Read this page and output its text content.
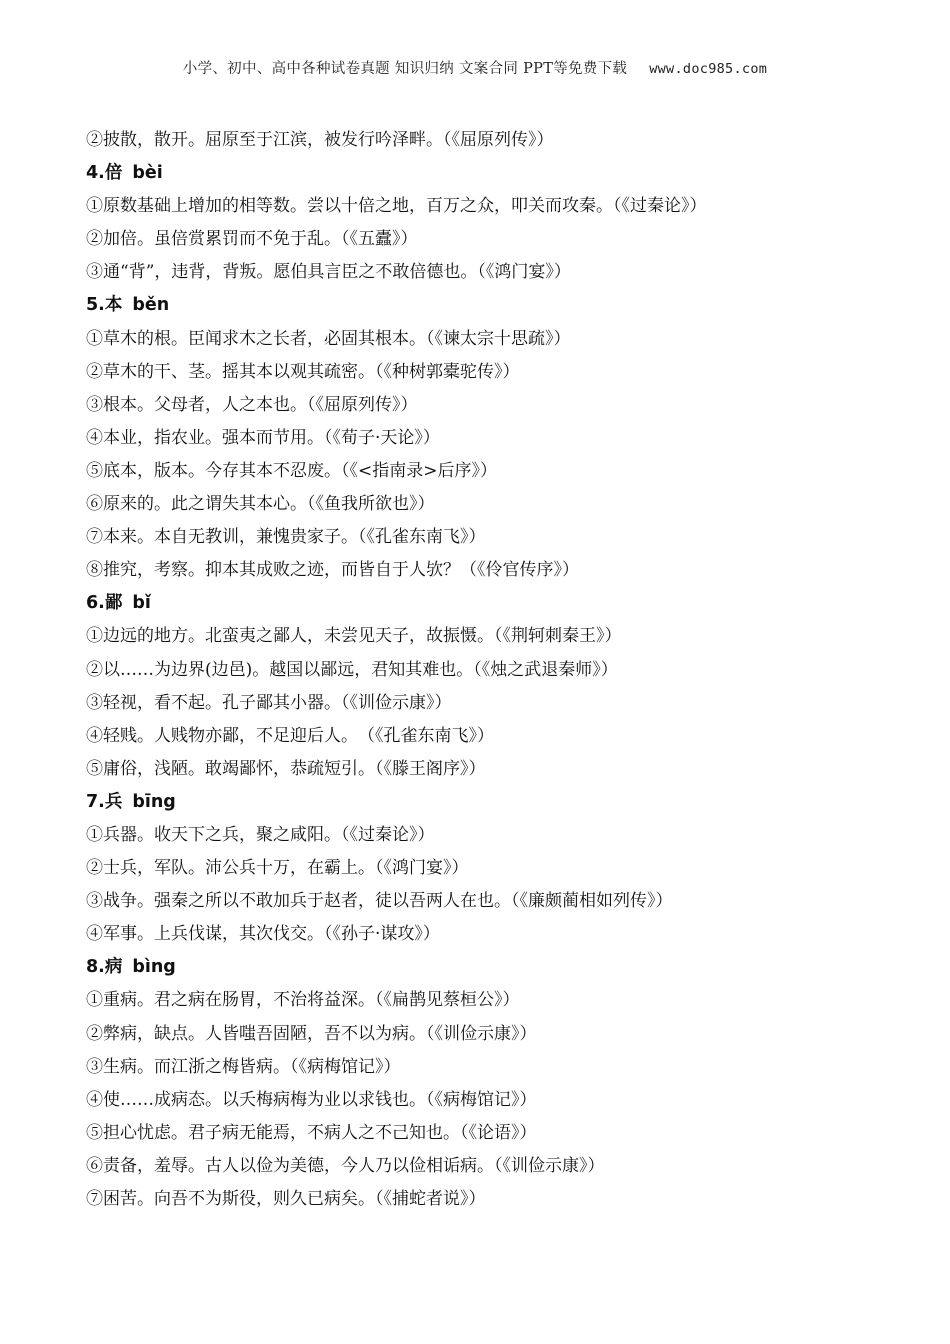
小学、初中、高中各种试卷真题 知识归纳 文案合同 PPT等免费下载 www.doc985.com
②披散，散开。屈原至于江滨，被发行吟泽畔。（《屈原列传》）
4.倍 bèi
①原数基础上增加的相等数。尝以十倍之地，百万之众，叩关而攻秦。（《过秦论》）
②加倍。虽倍赏累罚而不免于乱。（《五蠹》）
③通“背”，违背，背叛。愿伯具言臣之不敢倍德也。（《鸿门宴》）
5.本 běn
①草木的根。臣闻求木之长者，必固其根本。（《谏太宗十思疏》）
②草木的干、茎。摇其本以观其疏密。（《种树郭橐驼传》）
③根本。父母者，人之本也。（《屈原列传》）
④本业，指农业。强本而节用。（《荀子·天论》）
⑤底本，版本。今存其本不忍废。（《<指南录>后序》）
⑥原来的。此之谓失其本心。（《鱼我所欲也》）
⑦本来。本自无教训，兼愧贵家子。（《孔雀东南飞》）
⑧推究，考察。抑本其成败之迹，而皆自于人欤？（《伶官传序》）
6.鄙 bǐ
①边远的地方。北蛮夷之鄙人，未尝见天子，故振慑。（《荆轲刺秦王》）
②以……为边界(边邑)。越国以鄙远，君知其难也。（《烛之武退秦师》）
③轻视，看不起。孔子鄙其小器。（《训俭示康》）
④轻贱。人贱物亦鄙，不足迎后人。　（《孔雀东南飞》）
⑤庸俗，浅陋。敢竭鄙怀，恭疏短引。（《滕王阁序》）
7.兵 bīng
①兵器。收天下之兵，聚之咸阳。（《过秦论》）
②士兵，军队。沛公兵十万，在霸上。（《鸿门宴》）
③战争。强秦之所以不敢加兵于赵者，徒以吾两人在也。（《廉颇蔺相如列传》）
④军事。上兵伐谋，其次伐交。（《孙子·谋攻》）
8.病 bìng
①重病。君之病在肠胃，不治将益深。（《扁鹊见蔡桓公》）
②弊病，缺点。人皆嗤吾固陋，吾不以为病。（《训俭示康》）
③生病。而江浙之梅皆病。（《病梅馆记》）
④使……成病态。以夭梅病梅为业以求钱也。（《病梅馆记》）
⑤担心忧虑。君子病无能焉，不病人之不己知也。（《论语》）
⑥责备，羞辱。古人以俭为美德，今人乃以俭相诟病。（《训俭示康》）
⑦困苦。向吾不为斯役，则久已病矣。（《捕蛇者说》）
